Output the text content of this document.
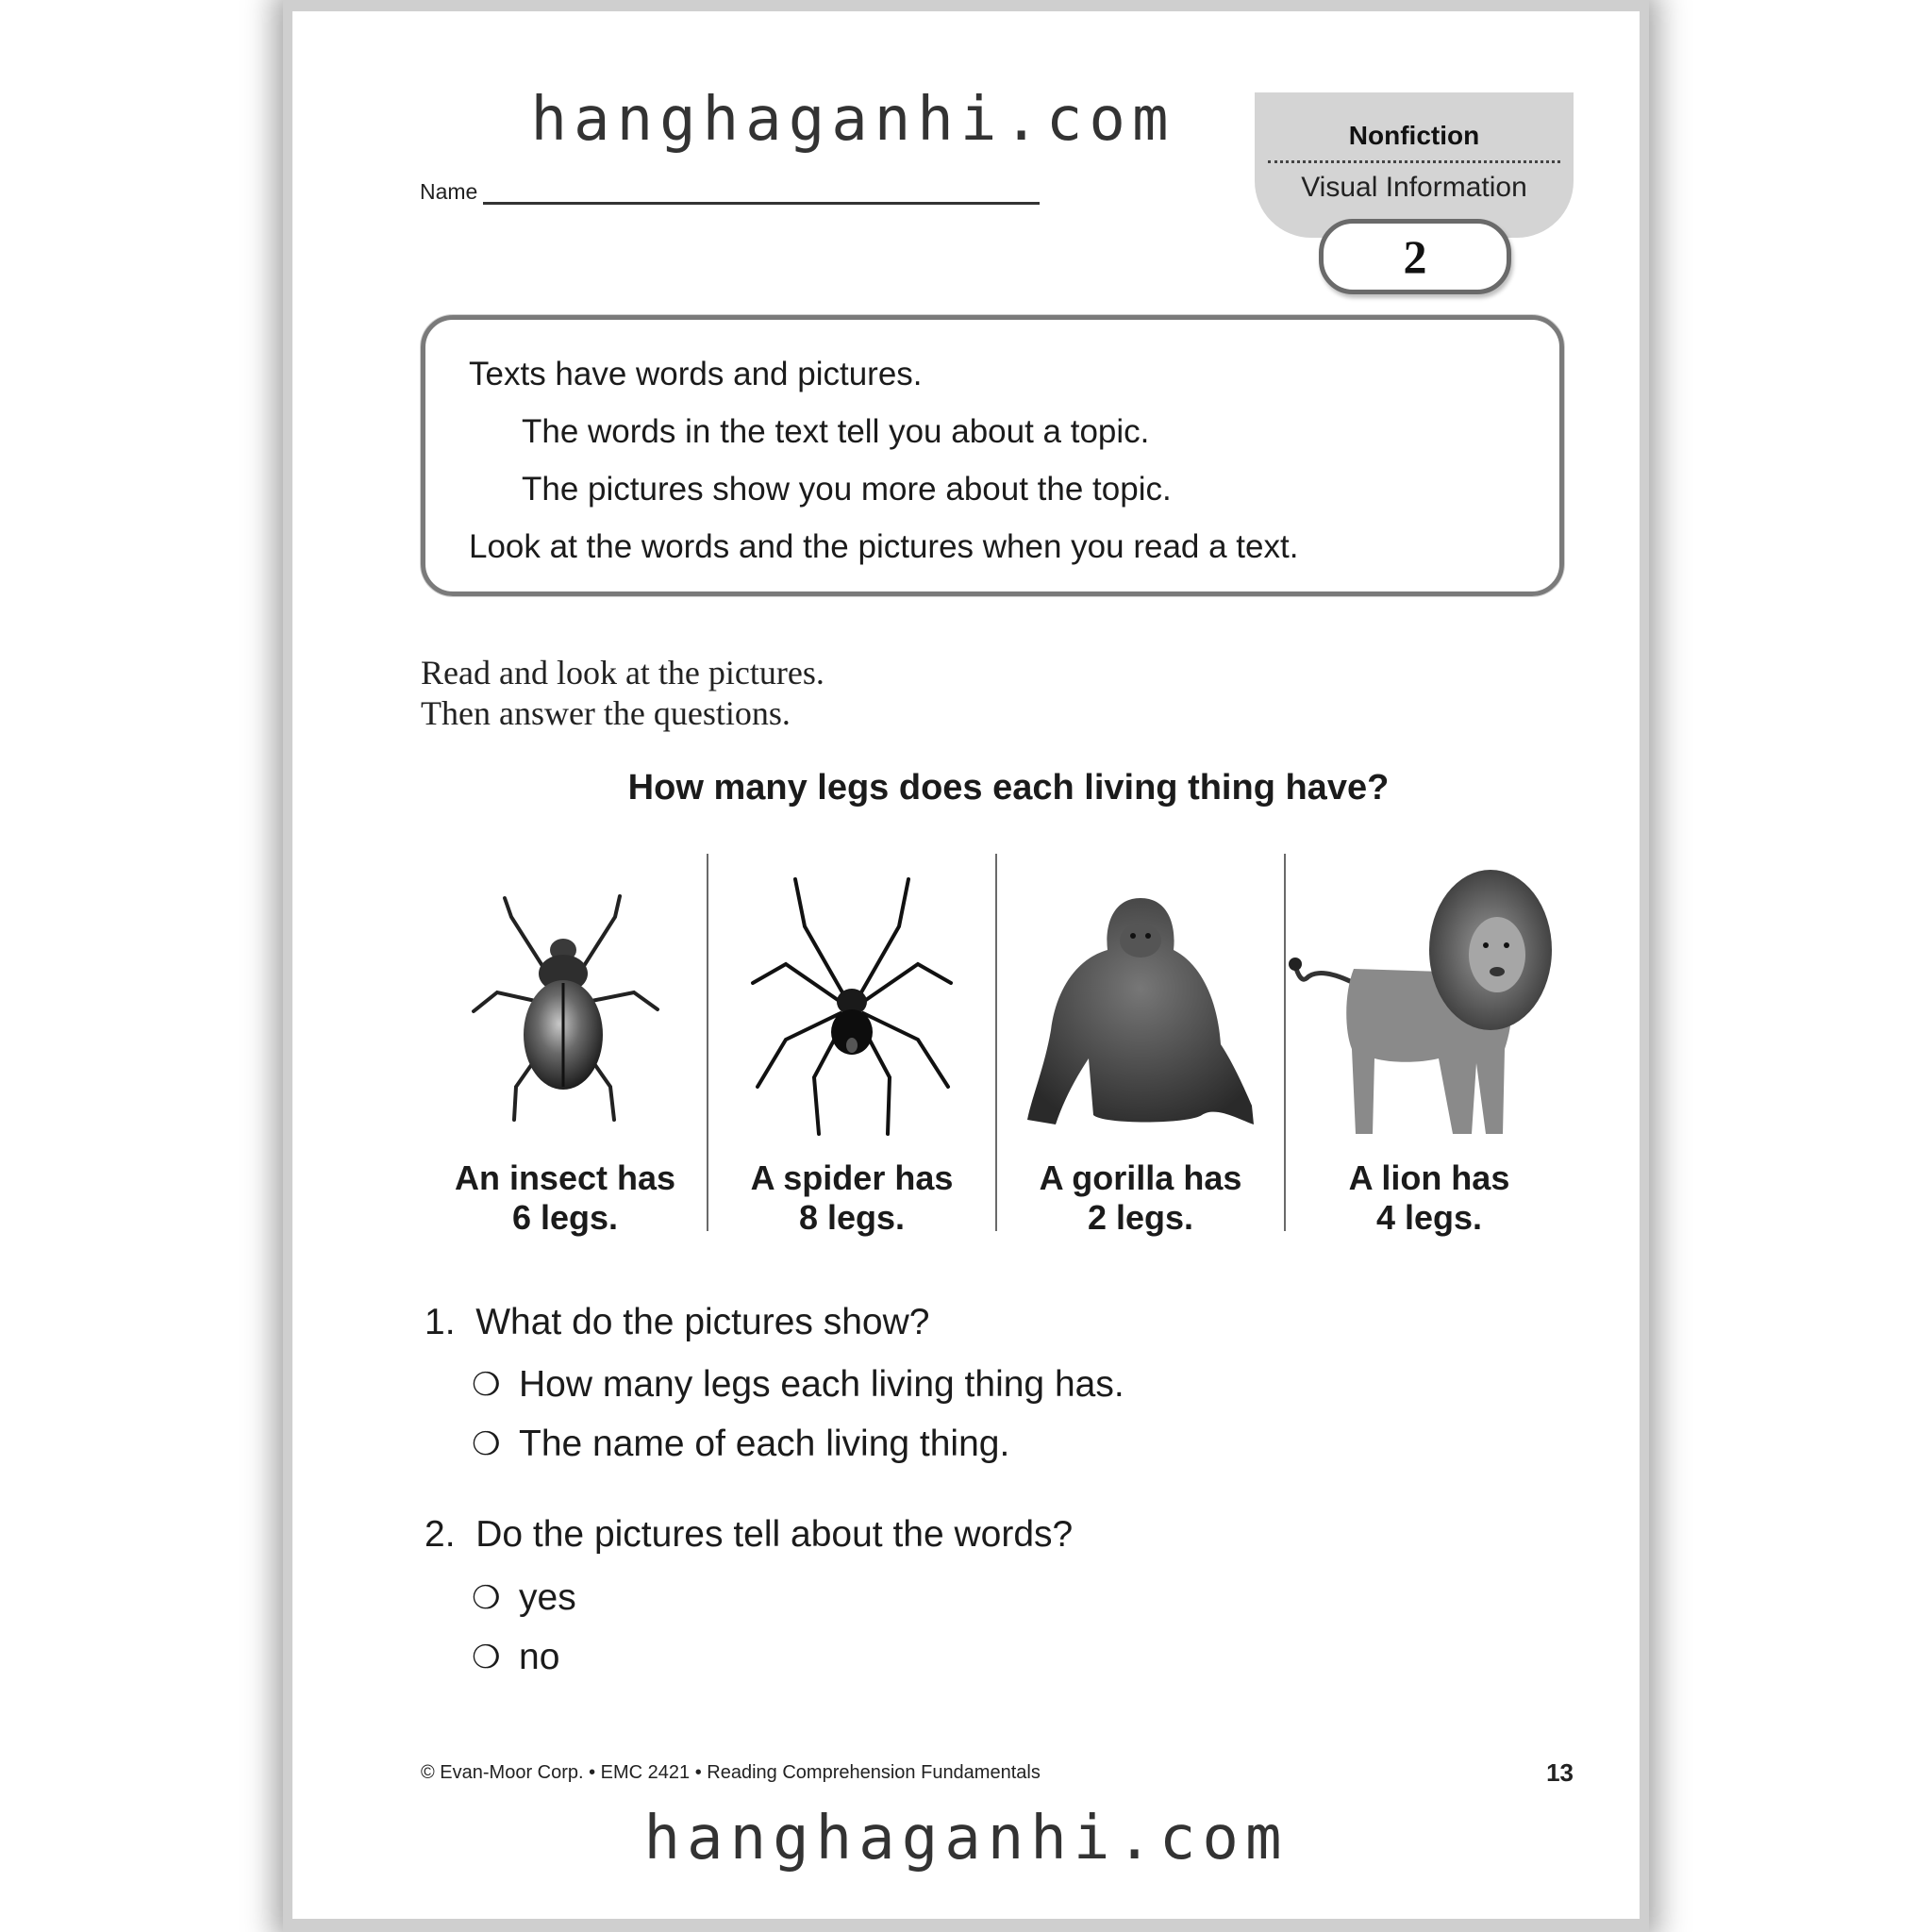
hanghaganhi.com
Name
Nonfiction
Visual Information
2
Texts have words and pictures.
The words in the text tell you about a topic.
The pictures show you more about the topic.
Look at the words and the pictures when you read a text.
Read and look at the pictures.
Then answer the questions.
How many legs does each living thing have?
An insect has
6 legs.
A spider has
8 legs.
A gorilla has
2 legs.
A lion has
4 legs.
1. What do the pictures show?
❍ How many legs each living thing has.
❍ The name of each living thing.
2. Do the pictures tell about the words?
❍ yes
❍ no
© Evan-Moor Corp. • EMC 2421 • Reading Comprehension Fundamentals	13
hanghaganhi.com
